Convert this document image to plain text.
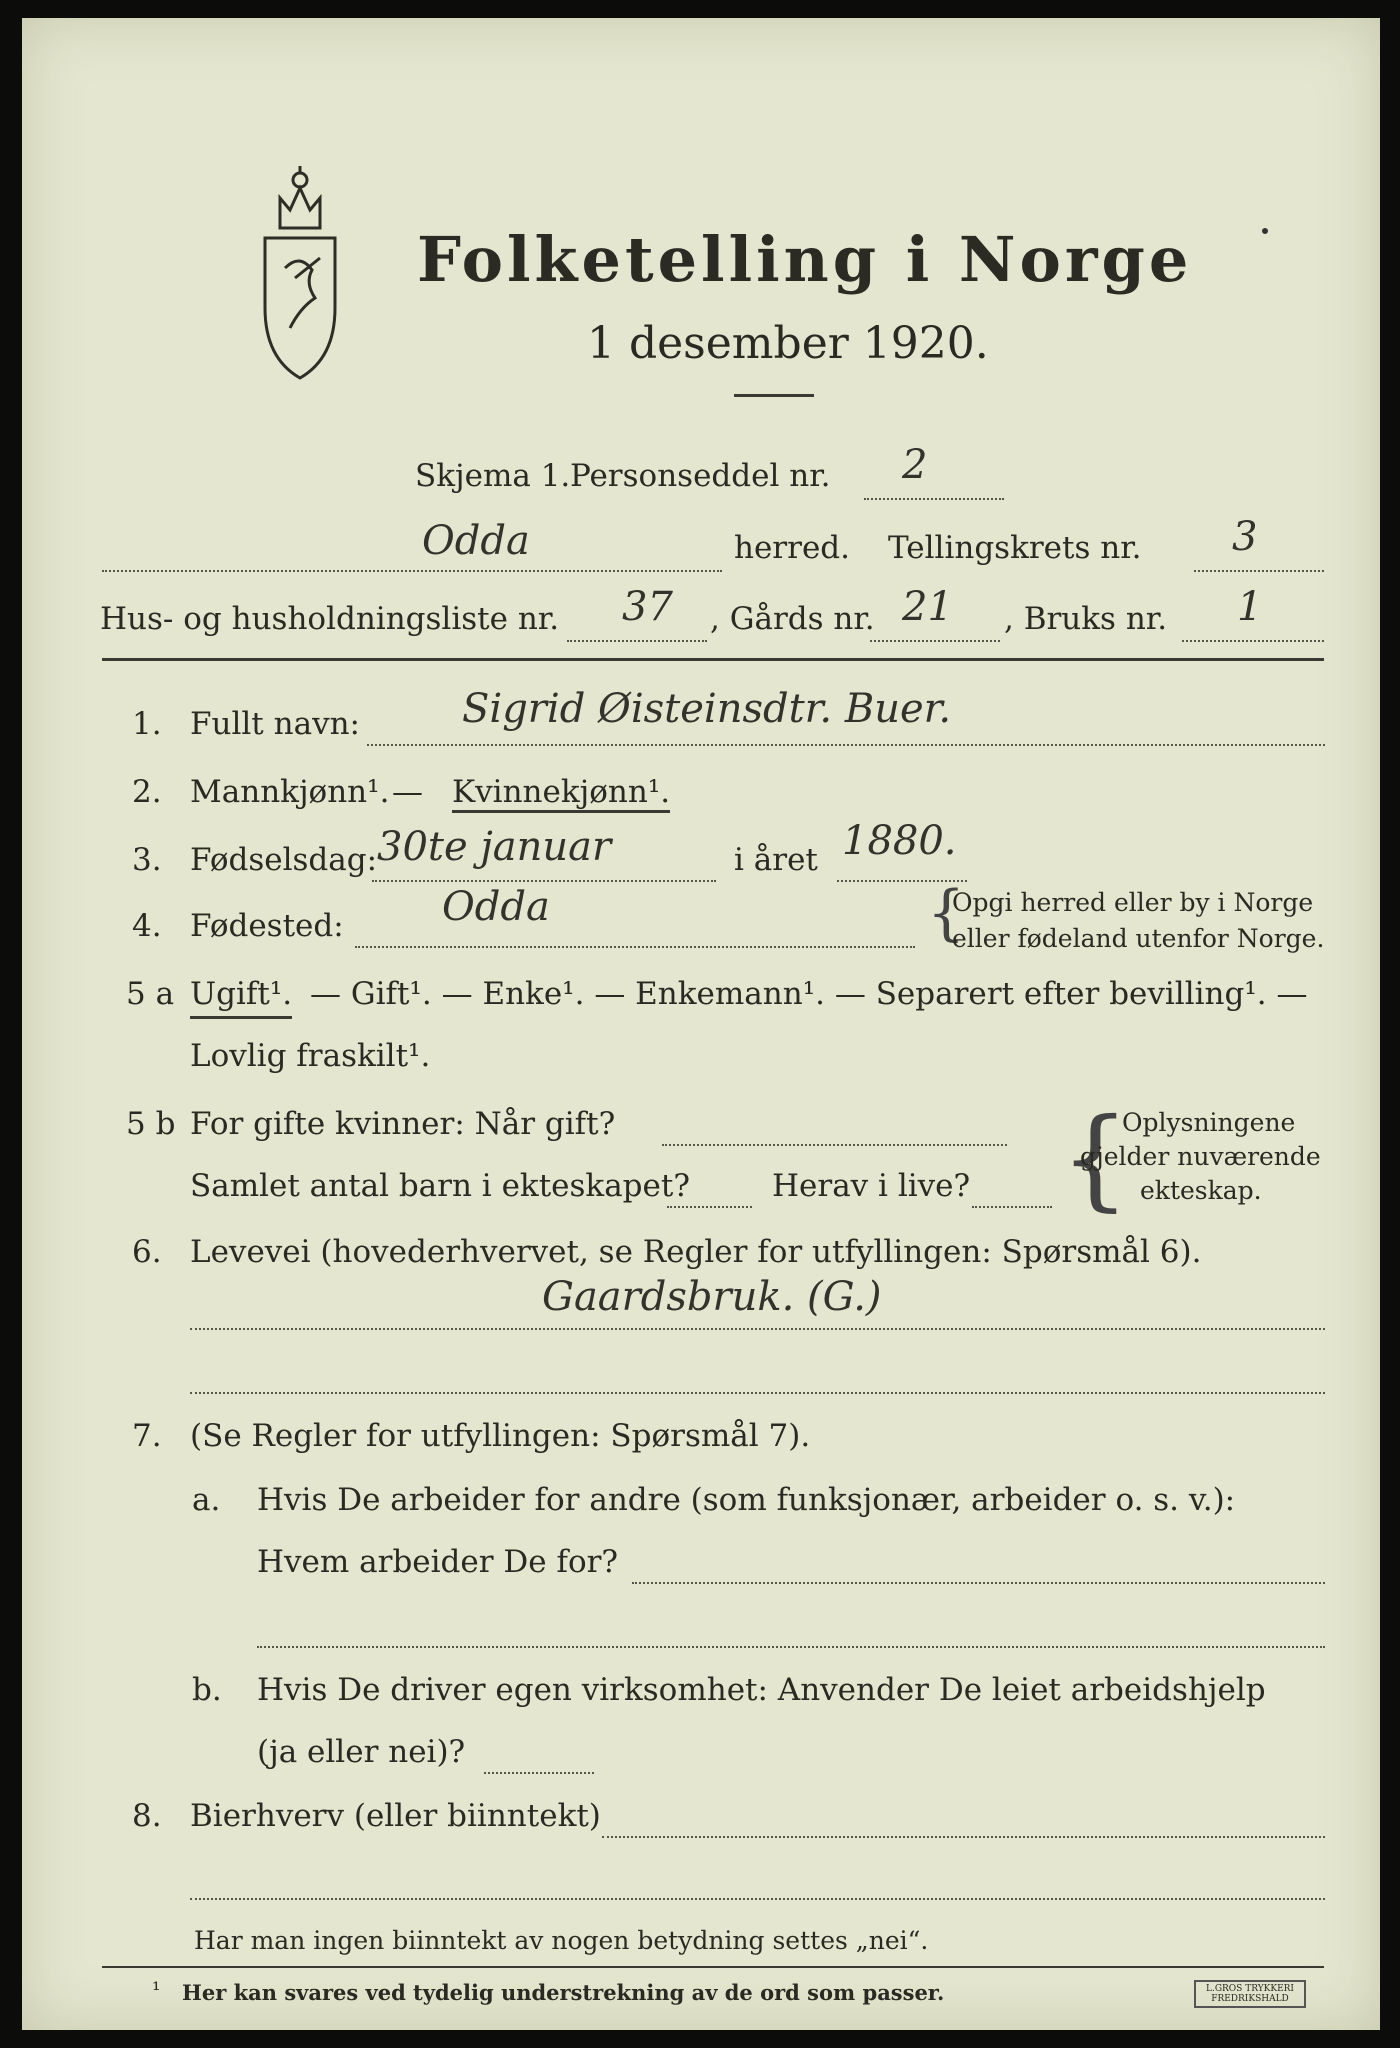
Folketelling i Norge
1 desember 1920.
Skjema 1. Personseddel nr. 2
Odda	herred. Tellingskrets nr. 3
Hus- og husholdningsliste nr. 37 , Gårds nr. 21 , Bruks nr. 1
1. Fullt navn:	Sigrid Øisteinsdtr. Buer.
2. Mannkjønn¹. — Kvinnekjønn¹.
3. Fødselsdag: 30te januar	i året 1880.
4. Fødested: Odda	{
Opgi herred eller by i Norge
eller fødeland utenfor Norge.
5 a Ugift¹. — Gift¹. — Enke¹. — Enkemann¹. — Separert efter bevilling¹. —
Lovlig fraskilt¹.
5 b For gifte kvinner: Når gift?
Samlet antal barn i ekteskapet?	Herav i live? {
Oplysningene
gjelder nuværende
ekteskap.
6. Levevei (hovederhvervet, se Regler for utfyllingen: Spørsmål 6).
Gaardsbruk. (G.)
7. (Se Regler for utfyllingen: Spørsmål 7).
a. Hvis De arbeider for andre (som funksjonær, arbeider o. s. v.):
Hvem arbeider De for?
b. Hvis De driver egen virksomhet: Anvender De leiet arbeidshjelp
(ja eller nei)?
8. Bierhverv (eller biinntekt)
Har man ingen biinntekt av nogen betydning settes „nei“.
¹ Her kan svares ved tydelig understrekning av de ord som passer.	L.GROS TRYKKERI FREDRIKSHALD
